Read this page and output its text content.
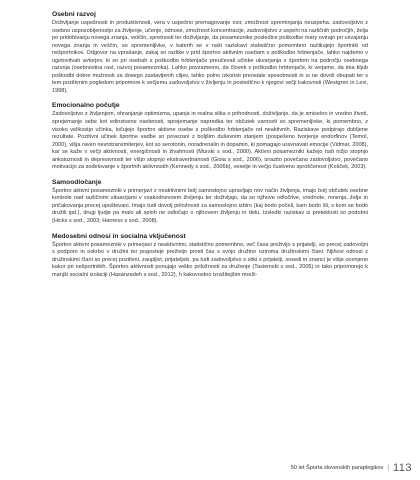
Osebni razvoj

Doživljanje uspešnosti in produktivnosti, vera v uspešno premagovanje ovir, zmožnost spreminjanja neuspeha. zadovoljstvo z osebno usposobljenostjo za življenje, učenje, odnose, zmožnost koncentracije, zadovoljstvo z uspehi na različnih področjih, želja po pridobivanju novega znanja, veščin, spretnosti ter doživljanje, da posameznike posledice poškodbe mary ovirajo pri usvajanju novega znanja in veščin, so spremenljivke, v katerih se v naši raziskavi statistično pomembno razlikujejo športniki od nešportnikov. Odgovor na vprašanje, zakaj so razlike v prid športno aktivnim osebam s poškodbo hrbtenjače, lahko najdemo v ugotovitvah avtorjev, ki so pri osebah s poškodbo hrbtenjače preučevali učinke ukvarjanja s športom na področju osebnega razvoja (osebnostna rast, razvoj posameznika). Lahko povzamemo, da človek s poškodbo hrbtenjače, ki verjame, da ima kljub poškodbi dobre možnosti za dosego zastavljenih ciljev, lahko polno izkoristi preostale sposobnosti in si ne dovoli obupati ter s tem pozitivnim pogledom pripomore k večjemu zadovoljstvu v življenju in posledično k njegovi večji kakovosti (Westgren in Levi, 1998).

Emocionalno počutje

Zadovoljstvo z življenjem, ohranjanje optimizma, upanja in realna slika o prihodnosti, doživljanje, da je smiselno in vredno živeti, sprejemanje sebe kot edinstvene osebnosti, sprejemanje napredka ter občutek varnosti so spremenljivke, ki pomembno, z visoko velikostjo učinka, ločujejo športno aktivne osebe s poškodbo hrbtenjače od neaktivnih. Raziskave podpirajo dobljene rezultate. Pozitivni učinek športne vadbe so povezani z boljšim duševnim stanjem (pospešeno tvorjenje endorfinov (Temol, 2000), višja raven nevrotransmiterjev, kot so serotonin, noradrenalin in dopamin, ki pomagajo uravnavati emocije (Vidmar, 2008), kar se kaže v večji aktivnosti, energičnosti in živahnosti (Murski s sod., 2000). Aktivni posamezniki kažejo tudi nižjo stopnjo anksioznosti in depresivnosti ter višjo stopnjo ekstravertiranosti (Gioia s sod., 2006), izrazito povečano zadovoljstvo, povečano motivacijo za sodelovanje v športnih aktivnostih (Kennedy s sod., 2006b), veselje in večjo čustveno sproščenost (Košček, 2003).

Samoodločanje

Športno aktivni posamezniki v primerjavi z neaktivnimi bolj samostojno upravljajo nov način življenja, imajo bolj občutek osebne kontrole nad različnimi situacijami v vsakodnevnem življenju ter doživljajo, da so njihove odločitve, vrednote, mnenja, želje in pričakovanja precej upoštevani. Imajo tudi dovolj priložnosti za samostojno izbiro (kaj bodo počeli, kam bodo šli, s kom se bodo družili ipd.), drugi ljudje pa malo ali sploh ne odločajo o njihovem življenju in delu. Izsledki raziskav iz preteklosti so podobni (Hicks s sod., 2003; Harness s sod., 2008).

Medosebni odnosi in socialna vključenost

Športno aktivni posamezniki v primerjavi z neaktivnimi, statistično pomembno, več časa preživijo s prijatelji, so precej zadovoljni s podporo in oskrbo v družini ter pogosteje preživijo prosti čas s svojo družino oziroma družinskimi člani. Njihovi odnosi z družinskimi člani so precej pozitivni, zaupljivi, prijateljski, pa tudi zadovoljstvo s stiki s prijatelji, sosedi in znanci je višje ocenjeno kakor pri nešportnikih. Športno aktivnosti ponujajo veliko priložnosti za druženje (Tasiemski s sod., 2005) in tako pripomorejo k manjši socialni izolaciji (Hasanzadeh s sod., 2012), h kakovostno izražitejšim mreži-

50 let Športa slovenskih paraplegikov | 113
